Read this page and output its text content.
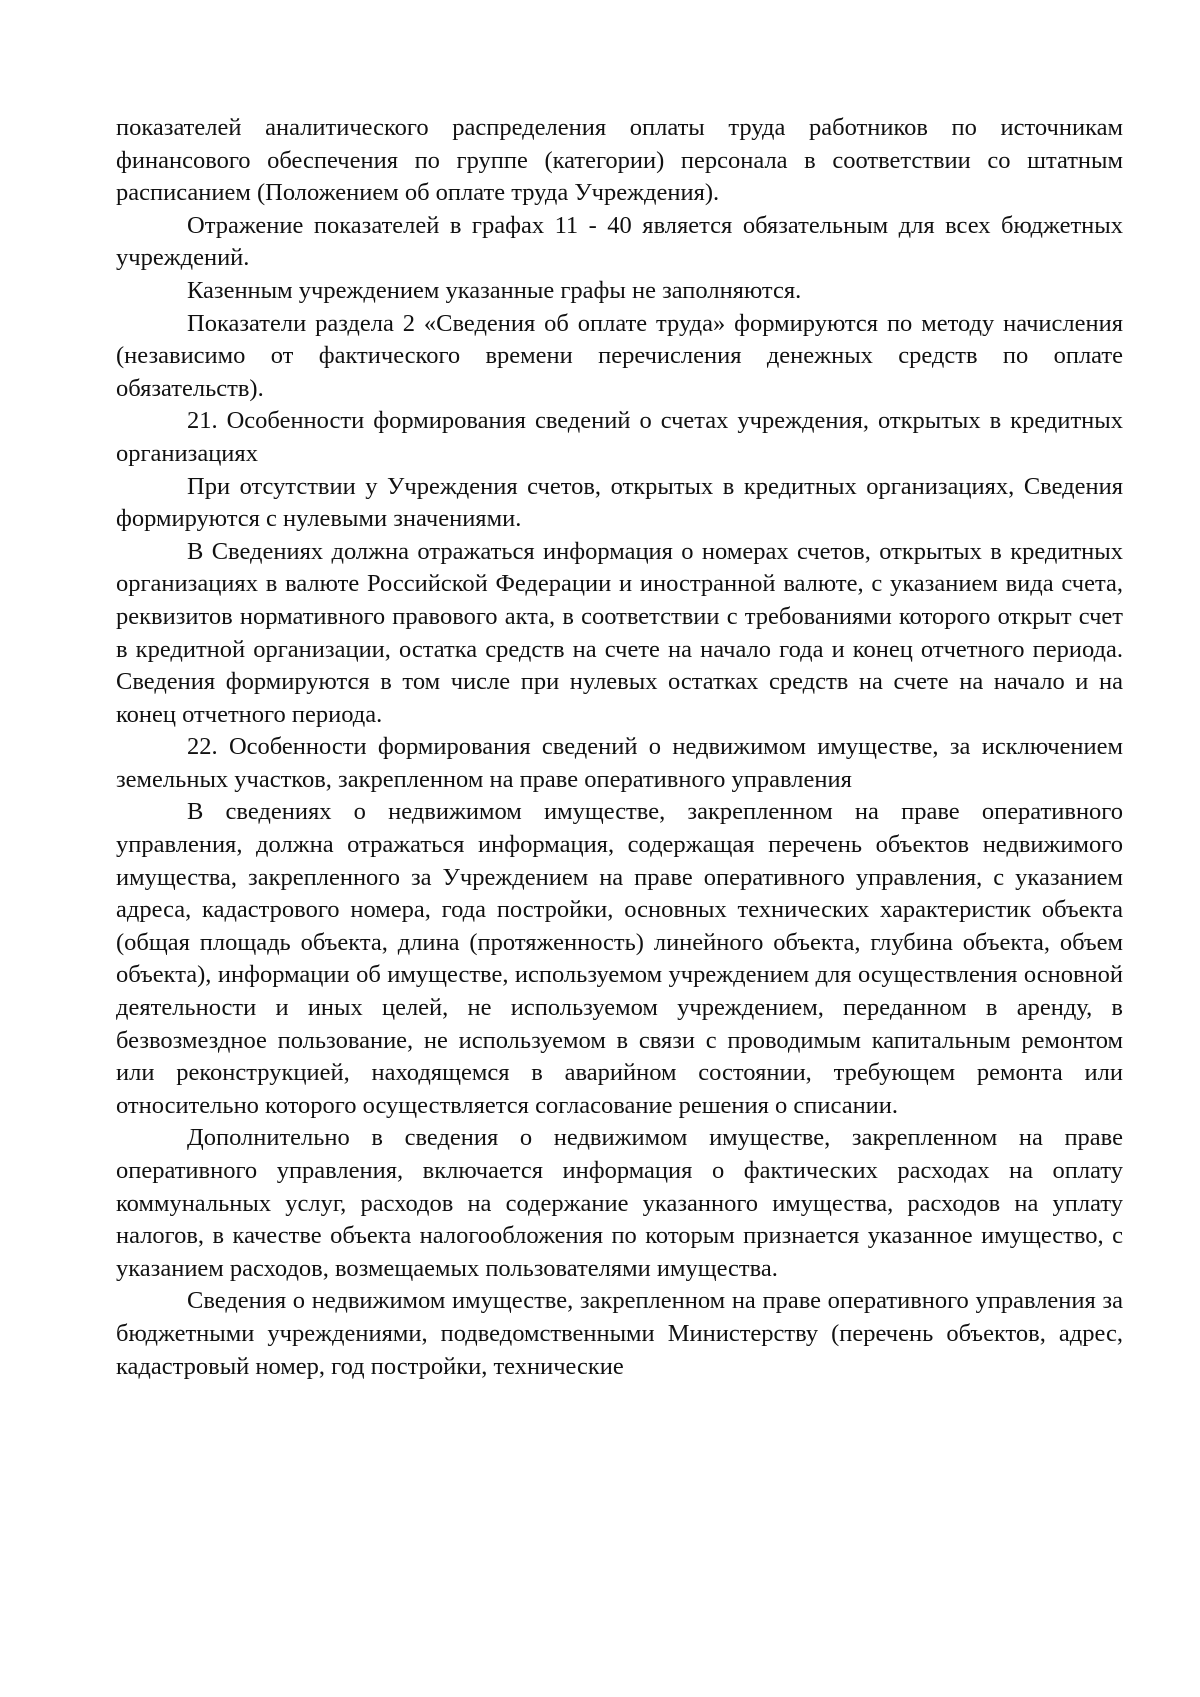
показателей аналитического распределения оплаты труда работников по источникам финансового обеспечения по группе (категории) персонала в соответствии со штатным расписанием (Положением об оплате труда Учреждения).

Отражение показателей в графах 11 - 40 является обязательным для всех бюджетных учреждений.

Казенным учреждением указанные графы не заполняются.

Показатели раздела 2 «Сведения об оплате труда» формируются по методу начисления (независимо от фактического времени перечисления денежных средств по оплате обязательств).

21. Особенности формирования сведений о счетах учреждения, открытых в кредитных организациях

При отсутствии у Учреждения счетов, открытых в кредитных организациях, Сведения формируются с нулевыми значениями.

В Сведениях должна отражаться информация о номерах счетов, открытых в кредитных организациях в валюте Российской Федерации и иностранной валюте, с указанием вида счета, реквизитов нормативного правового акта, в соответствии с требованиями которого открыт счет в кредитной организации, остатка средств на счете на начало года и конец отчетного периода. Сведения формируются в том числе при нулевых остатках средств на счете на начало и на конец отчетного периода.

22. Особенности формирования сведений о недвижимом имуществе, за исключением земельных участков, закрепленном на праве оперативного управления

В сведениях о недвижимом имуществе, закрепленном на праве оперативного управления, должна отражаться информация, содержащая перечень объектов недвижимого имущества, закрепленного за Учреждением на праве оперативного управления, с указанием адреса, кадастрового номера, года постройки, основных технических характеристик объекта (общая площадь объекта, длина (протяженность) линейного объекта, глубина объекта, объем объекта), информации об имуществе, используемом учреждением для осуществления основной деятельности и иных целей, не используемом учреждением, переданном в аренду, в безвозмездное пользование, не используемом в связи с проводимым капитальным ремонтом или реконструкцией, находящемся в аварийном состоянии, требующем ремонта или относительно которого осуществляется согласование решения о списании.

Дополнительно в сведения о недвижимом имуществе, закрепленном на праве оперативного управления, включается информация о фактических расходах на оплату коммунальных услуг, расходов на содержание указанного имущества, расходов на уплату налогов, в качестве объекта налогообложения по которым признается указанное имущество, с указанием расходов, возмещаемых пользователями имущества.

Сведения о недвижимом имуществе, закрепленном на праве оперативного управления за бюджетными учреждениями, подведомственными Министерству (перечень объектов, адрес, кадастровый номер, год постройки, технические
